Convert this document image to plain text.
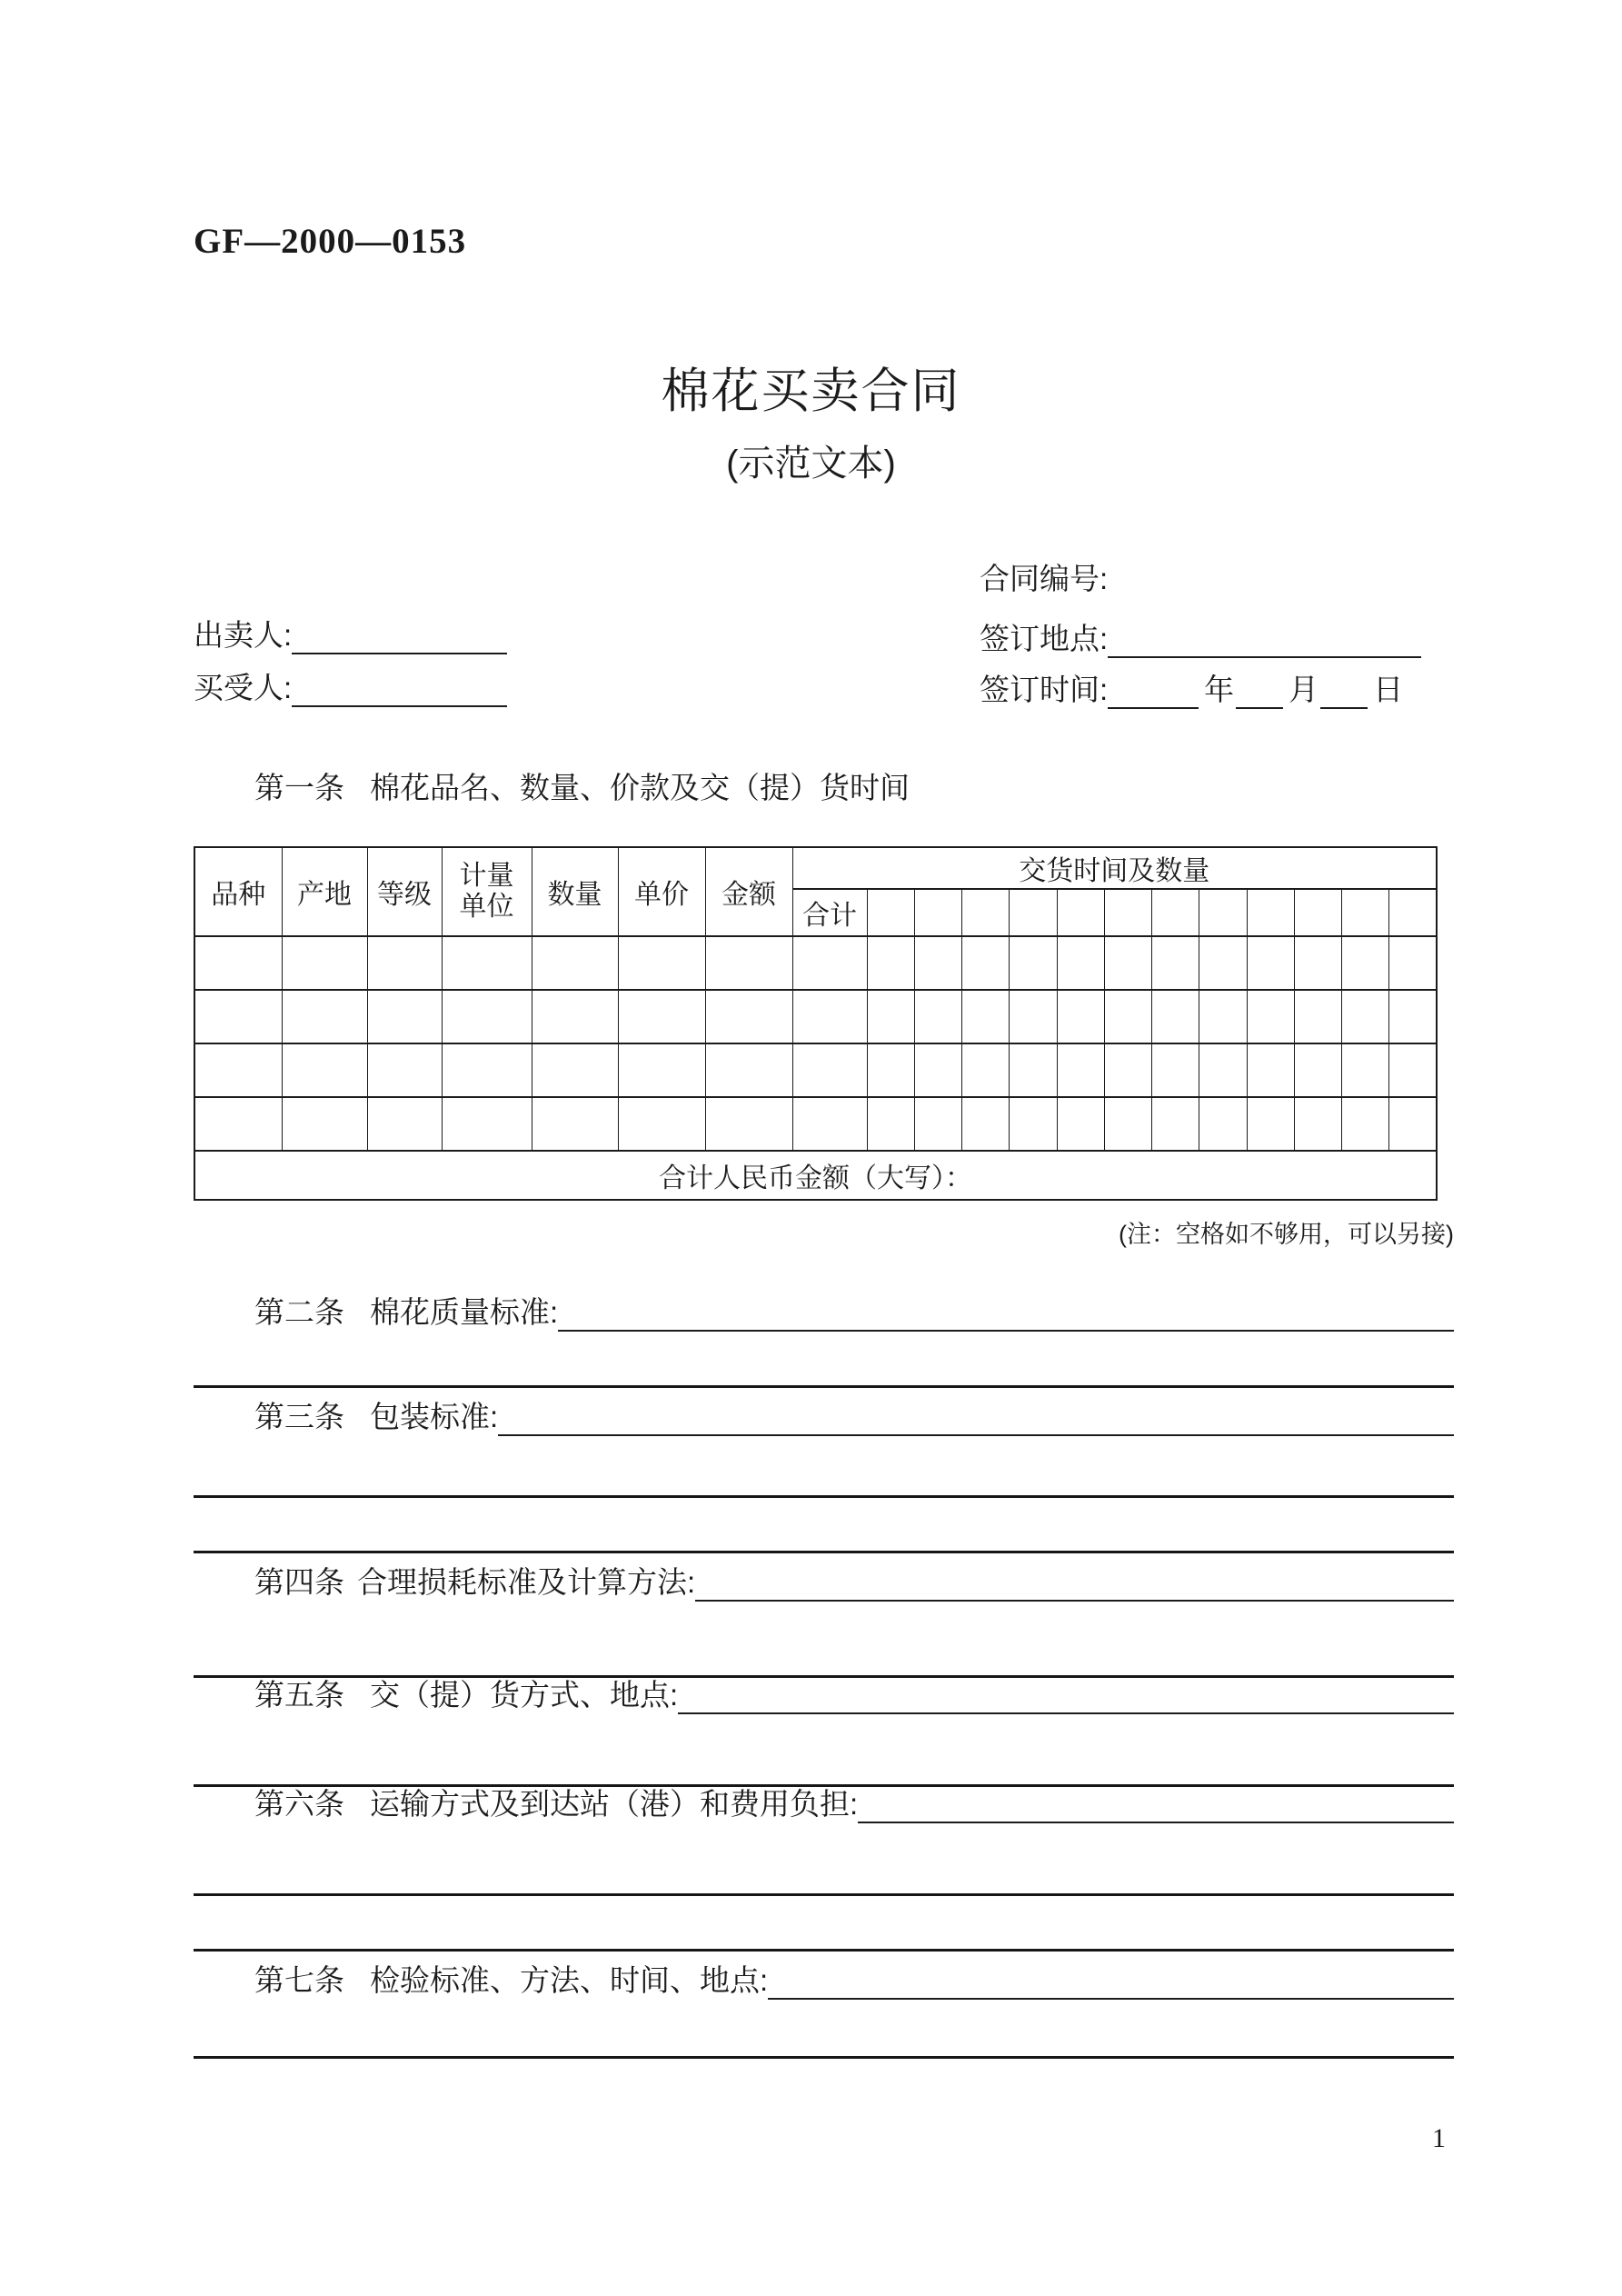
GF—2000—0153
棉花买卖合同
(示范文本)
合同编号:
出卖人:	签订地点:
买受人:	签订时间:	年 月 日
第一条 棉花品名、数量、价款及交（提）货时间
品种	产地	等级	计量单位	数量	单价	金额	交货时间及数量												
							合计												

合计人民币金额（大写）：																			
(注：空格如不够用，可以另接)
第二条 棉花质量标准:
第三条 包装标准:
第四条 合理损耗标准及计算方法:
第五条 交（提）货方式、地点:
第六条 运输方式及到达站（港）和费用负担:
第七条 检验标准、方法、时间、地点:
1
